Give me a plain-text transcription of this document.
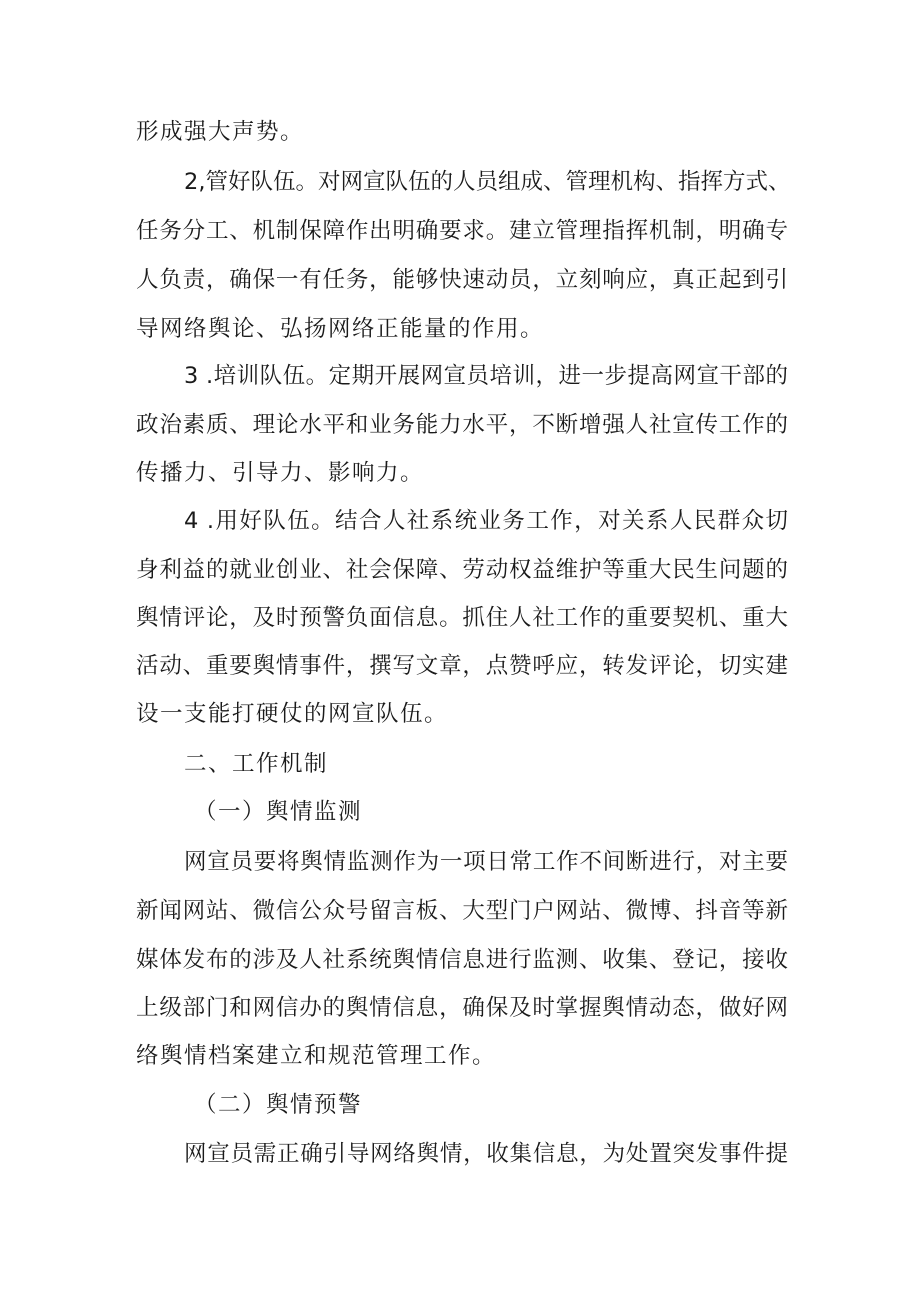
形成强大声势。
2,管好队伍。对网宣队伍的人员组成、管理机构、指挥方式、
任务分工、机制保障作出明确要求。建立管理指挥机制，明确专
人负责，确保一有任务，能够快速动员，立刻响应，真正起到引
导网络舆论、弘扬网络正能量的作用。
3 .培训队伍。定期开展网宣员培训，进一步提高网宣干部的
政治素质、理论水平和业务能力水平，不断增强人社宣传工作的
传播力、引导力、影响力。
4 .用好队伍。结合人社系统业务工作，对关系人民群众切
身利益的就业创业、社会保障、劳动权益维护等重大民生问题的
舆情评论，及时预警负面信息。抓住人社工作的重要契机、重大
活动、重要舆情事件，撰写文章，点赞呼应，转发评论，切实建
设一支能打硬仗的网宣队伍。
二、工作机制
（一）舆情监测
网宣员要将舆情监测作为一项日常工作不间断进行，对主要
新闻网站、微信公众号留言板、大型门户网站、微博、抖音等新
媒体发布的涉及人社系统舆情信息进行监测、收集、登记，接收
上级部门和网信办的舆情信息，确保及时掌握舆情动态，做好网
络舆情档案建立和规范管理工作。
（二）舆情预警
网宣员需正确引导网络舆情，收集信息，为处置突发事件提
